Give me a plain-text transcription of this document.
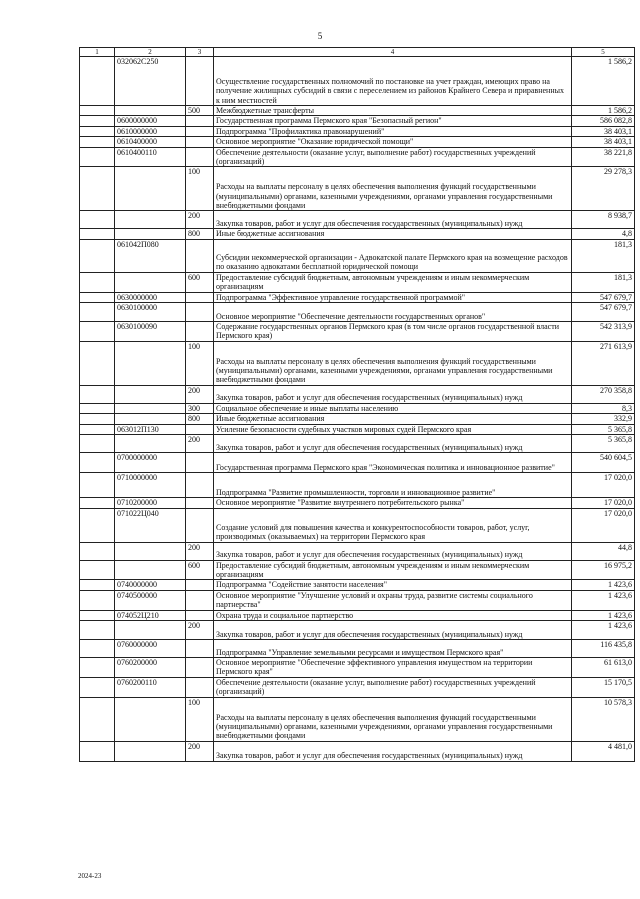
5
1	2	3	4	5
	032062С250		Осуществление государственных полномочий по постановке на учет граждан, имеющих право на получение жилищных субсидий в связи с переселением из районов Крайнего Севера и приравненных к ним местностей	1 586,2
		500	Межбюджетные трансферты	1 586,2
	0600000000		Государственная программа Пермского края "Безопасный регион"	586 082,8
	0610000000		Подпрограмма "Профилактика правонарушений"	38 403,1
	0610400000		Основное мероприятие "Оказание юридической помощи"	38 403,1
	0610400110		Обеспечение деятельности (оказание услуг, выполнение работ) государственных учреждений (организаций)	38 221,8
		100	Расходы на выплаты персоналу в целях обеспечения выполнения функций государственными (муниципальными) органами, казенными учреждениями, органами управления государственными внебюджетными фондами	29 278,3
		200	Закупка товаров, работ и услуг для обеспечения государственных (муниципальных) нужд	8 938,7
		800	Иные бюджетные ассигнования	4,8
	061042П080		Субсидии некоммерческой организации - Адвокатской палате Пермского края на возмещение расходов по оказанию адвокатами бесплатной юридической помощи	181,3
		600	Предоставление субсидий бюджетным, автономным учреждениям и иным некоммерческим организациям	181,3
	0630000000		Подпрограмма "Эффективное управление государственной программой"	547 679,7
	0630100000		Основное мероприятие "Обеспечение деятельности государственных органов"	547 679,7
	0630100090		Содержание государственных органов Пермского края (в том числе органов государственной власти Пермского края)	542 313,9
		100	Расходы на выплаты персоналу в целях обеспечения выполнения функций государственными (муниципальными) органами, казенными учреждениями, органами управления государственными внебюджетными фондами	271 613,9
		200	Закупка товаров, работ и услуг для обеспечения государственных (муниципальных) нужд	270 358,8
		300	Социальное обеспечение и иные выплаты населению	8,3
		800	Иные бюджетные ассигнования	332,9
	063012П130		Усиление безопасности судебных участков мировых судей Пермского края	5 365,8
		200	Закупка товаров, работ и услуг для обеспечения государственных (муниципальных) нужд	5 365,8
	0700000000		Государственная программа Пермского края "Экономическая политика и инновационное развитие"	540 604,5
	0710000000		Подпрограмма "Развитие промышленности, торговли и инновационное развитие"	17 020,0
	0710200000		Основное мероприятие "Развитие внутреннего потребительского рынка"	17 020,0
	071022Ц040		Создание условий для повышения качества и конкурентоспособности товаров, работ, услуг, производимых (оказываемых) на территории Пермского края	17 020,0
		200	Закупка товаров, работ и услуг для обеспечения государственных (муниципальных) нужд	44,8
		600	Предоставление субсидий бюджетным, автономным учреждениям и иным некоммерческим организациям	16 975,2
	0740000000		Подпрограмма "Содействие занятости населения"	1 423,6
	0740500000		Основное мероприятие "Улучшение условий и охраны труда, развитие системы социального партнерства"	1 423,6
	074052Ц210		Охрана труда и социальное партнерство	1 423,6
		200	Закупка товаров, работ и услуг для обеспечения государственных (муниципальных) нужд	1 423,6
	0760000000		Подпрограмма "Управление земельными ресурсами и имуществом Пермского края"	116 435,8
	0760200000		Основное мероприятие "Обеспечение эффективного управления имуществом на территории Пермского края"	61 613,0
	0760200110		Обеспечение деятельности (оказание услуг, выполнение работ) государственных учреждений (организаций)	15 170,5
		100	Расходы на выплаты персоналу в целях обеспечения выполнения функций государственными (муниципальными) органами, казенными учреждениями, органами управления государственными внебюджетными фондами	10 578,3
		200	Закупка товаров, работ и услуг для обеспечения государственных (муниципальных) нужд	4 481,0
2024-23
